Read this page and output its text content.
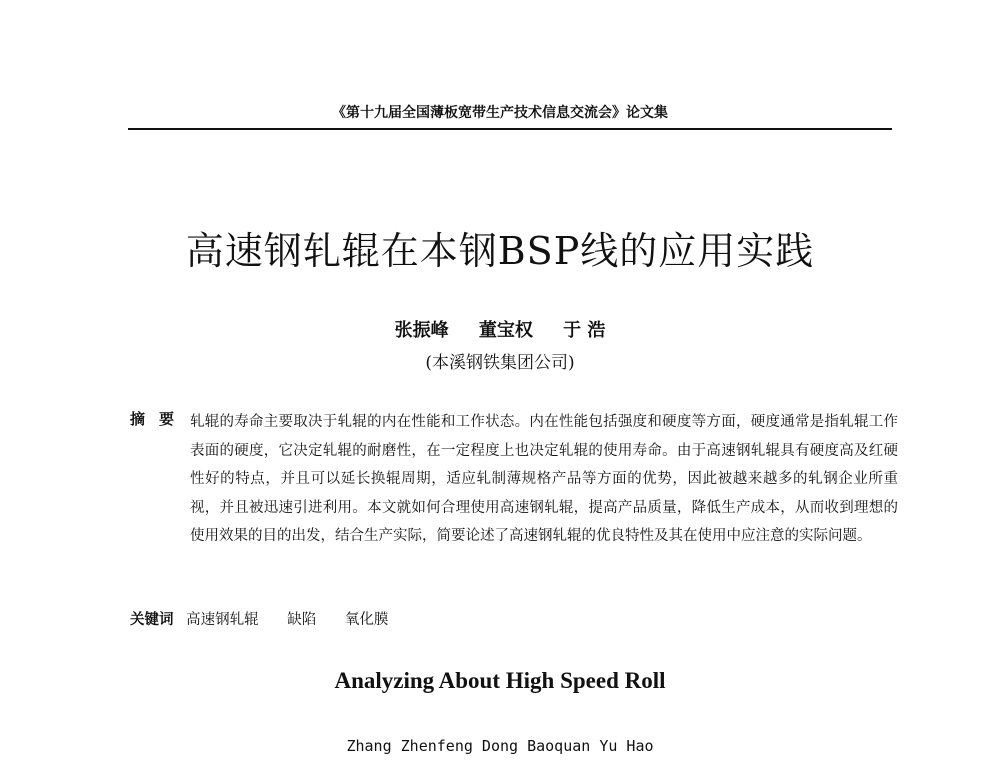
《第十九届全国薄板宽带生产技术信息交流会》论文集
高速钢轧辊在本钢BSP线的应用实践
张振峰 董宝权 于 浩
(本溪钢铁集团公司)
摘要 轧辊的寿命主要取决于轧辊的内在性能和工作状态。内在性能包括强度和硬度等方面，硬度通常是指轧辊工作表面的硬度，它决定轧辊的耐磨性，在一定程度上也决定轧辊的使用寿命。由于高速钢轧辊具有硬度高及红硬性好的特点，并且可以延长换辊周期，适应轧制薄规格产品等方面的优势，因此被越来越多的轧钢企业所重视，并且被迅速引进利用。本文就如何合理使用高速钢轧辊，提高产品质量，降低生产成本，从而收到理想的使用效果的目的出发，结合生产实际，简要论述了高速钢轧辊的优良特性及其在使用中应注意的实际问题。
关键词 高速钢轧辊 缺陷 氧化膜
Analyzing About High Speed Roll
Zhang Zhenfeng Dong Baoquan Yu Hao
